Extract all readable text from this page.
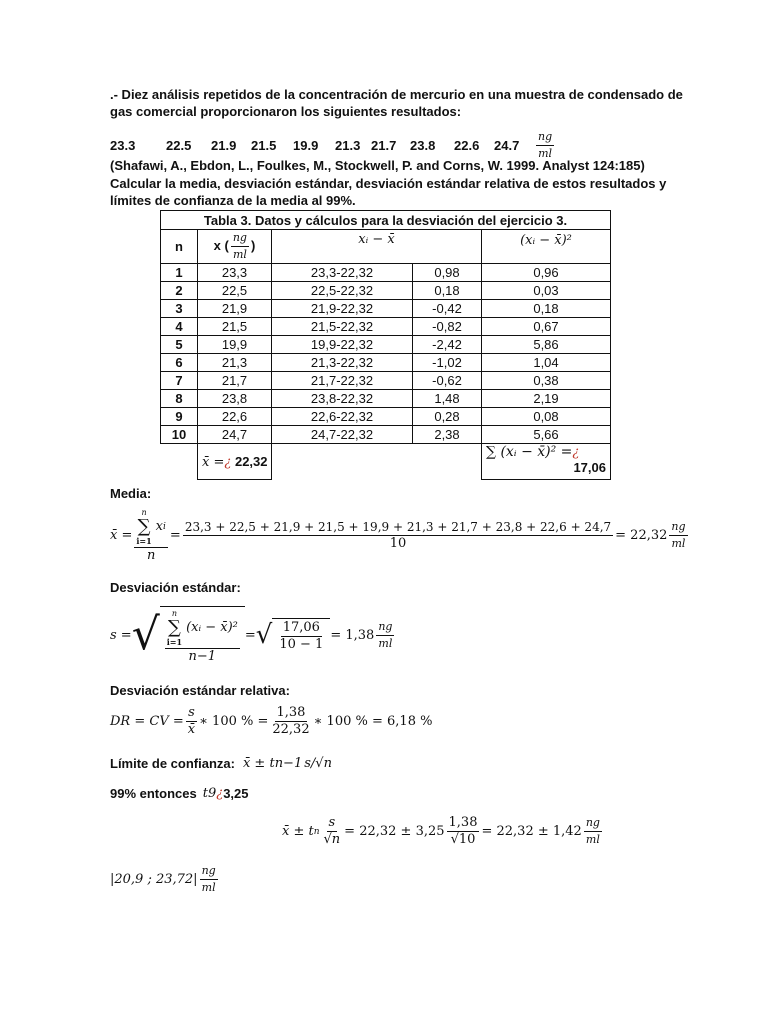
.- Diez análisis repetidos de la concentración de mercurio en una muestra de condensado de
gas comercial proporcionaron los siguientes resultados:
23.3	22.5	21.9	21.5	19.9	21.3 21.7	23.8	22.6	24.7	$\frac{ng}{ml}$
(Shafawi, A., Ebdon, L., Foulkes, M., Stockwell, P. and Corns, W. 1999. Analyst 124:185)
Calcular la media, desviación estándar, desviación estándar relativa de estos resultados y
límites de confianza de la media al 99%.
Tabla 3. Datos y cálculos para la desviación del ejercicio 3.				
n	x ( $\frac{ng}{ml}$ )	xᵢ − x̄		(xᵢ − x̄)²
1	23,3	23,3-22,32	0,98	0,96
2	22,5	22,5-22,32	0,18	0,03
3	21,9	21,9-22,32	-0,42	0,18
4	21,5	21,5-22,32	-0,82	0,67
5	19,9	19,9-22,32	-2,42	5,86
6	21,3	21,3-22,32	-1,02	1,04
7	21,7	21,7-22,32	-0,62	0,38
8	23,8	23,8-22,32	1,48	2,19
9	22,6	22,6-22,32	0,28	0,08
10	24,7	24,7-22,32	2,38	5,66
	x̄ =¿ 22,32			∑ (xᵢ − x̄)² =¿
17,06
Media:
x̄ = n
∑
i=1
x i
n =
23,3 + 22,5 + 21,9 + 21,5 + 19,9 + 21,3 + 21,7 + 23,8 + 22,6 + 24,7
10
= $22,32 \frac{ng}{ml}$
Desviación estándar:
s = √ n
∑
i=1
(xᵢ − x̄)²
n−1 = √ $\frac{17,06}{10 - 1} = 1,38 \frac{ng}{ml}$
Desviación estándar relativa:
DR = CV = $\frac{s}{x̄}$ ∗ 100 % = $\frac{1,38}{22,32}$ ∗ 100 % = 6,18 %
Límite de confianza: x̄ ± t n−1 s/√n
99% entonces t 9 ¿ 3,25
x̄ ± t n $\frac{s}{√n} = 22,32 \pm 3,25 \frac{1,38}{√10} = 22,32 \pm 1,42 \frac{ng}{ml}$
|20,9 ; $23,72| \frac{ng}{ml}$
